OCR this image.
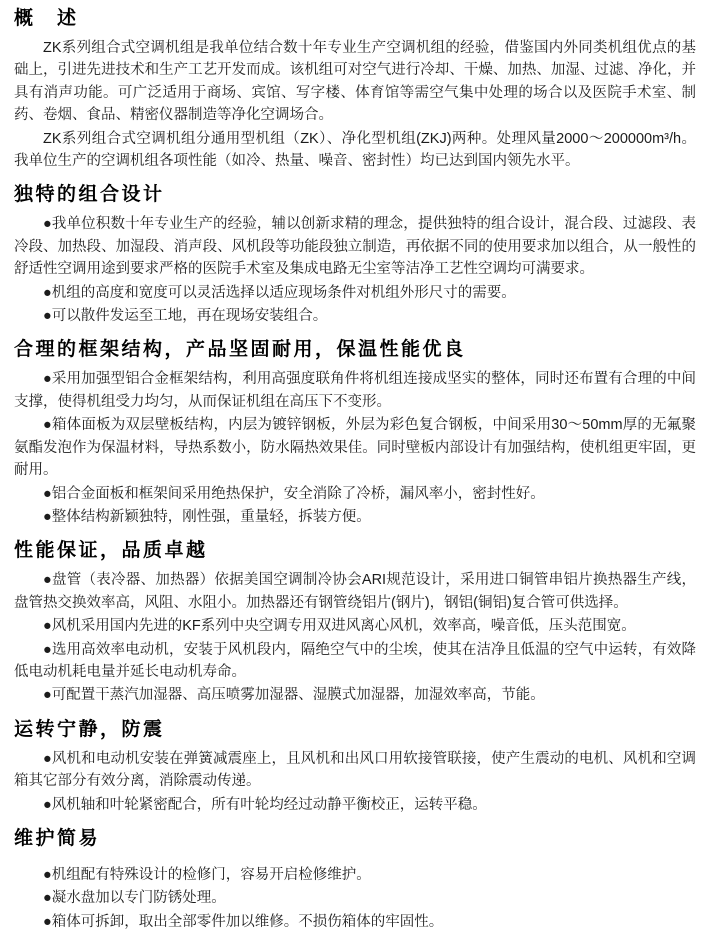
概　述

ZK系列组合式空调机组是我单位结合数十年专业生产空调机组的经验，借鉴国内外同类机组优点的基础上，引进先进技术和生产工艺开发而成。该机组可对空气进行冷却、干燥、加热、加湿、过滤、净化，并具有消声功能。可广泛适用于商场、宾馆、写字楼、体育馆等需空气集中处理的场合以及医院手术室、制药、卷烟、食品、精密仪器制造等净化空调场合。

ZK系列组合式空调机组分通用型机组（ZK）、净化型机组(ZKJ)两种。处理风量2000～200000m³/h。我单位生产的空调机组各项性能（如冷、热量、噪音、密封性）均已达到国内领先水平。

独特的组合设计

●我单位积数十年专业生产的经验，辅以创新求精的理念，提供独特的组合设计，混合段、过滤段、表冷段、加热段、加湿段、消声段、风机段等功能段独立制造，再依据不同的使用要求加以组合，从一般性的舒适性空调用途到要求严格的医院手术室及集成电路无尘室等洁净工艺性空调均可满要求。

●机组的高度和宽度可以灵活选择以适应现场条件对机组外形尺寸的需要。

●可以散件发运至工地，再在现场安装组合。

合理的框架结构，产品坚固耐用，保温性能优良

●采用加强型铝合金框架结构，利用高强度联角件将机组连接成坚实的整体，同时还布置有合理的中间支撑，使得机组受力均匀，从而保证机组在高压下不变形。

●箱体面板为双层壁板结构，内层为镀锌钢板，外层为彩色复合钢板，中间采用30～50mm厚的无氟聚氨酯发泡作为保温材料，导热系数小，防水隔热效果佳。同时壁板内部设计有加强结构，使机组更牢固，更耐用。

●铝合金面板和框架间采用绝热保护，安全消除了冷桥，漏风率小，密封性好。

●整体结构新颖独特，刚性强，重量轻，拆装方便。

性能保证，品质卓越

●盘管（表冷器、加热器）依据美国空调制冷协会ARI规范设计，采用进口铜管串铝片换热器生产线，盘管热交换效率高，风阻、水阻小。加热器还有钢管绕铝片(钢片)，钢铝(铜铝)复合管可供选择。

●风机采用国内先进的KF系列中央空调专用双进风离心风机，效率高，噪音低，压头范围宽。

●选用高效率电动机，安装于风机段内，隔绝空气中的尘埃，使其在洁净且低温的空气中运转，有效降低电动机耗电量并延长电动机寿命。

●可配置干蒸汽加湿器、高压喷雾加湿器、湿膜式加湿器，加湿效率高，节能。

运转宁静，防震

●风机和电动机安装在弹簧减震座上，且风机和出风口用软接管联接，使产生震动的电机、风机和空调箱其它部分有效分离，消除震动传递。

●风机轴和叶轮紧密配合，所有叶轮均经过动静平衡校正，运转平稳。

维护简易

●机组配有特殊设计的检修门，容易开启检修维护。

●凝水盘加以专门防锈处理。

●箱体可拆卸，取出全部零件加以维修。不损伤箱体的牢固性。
